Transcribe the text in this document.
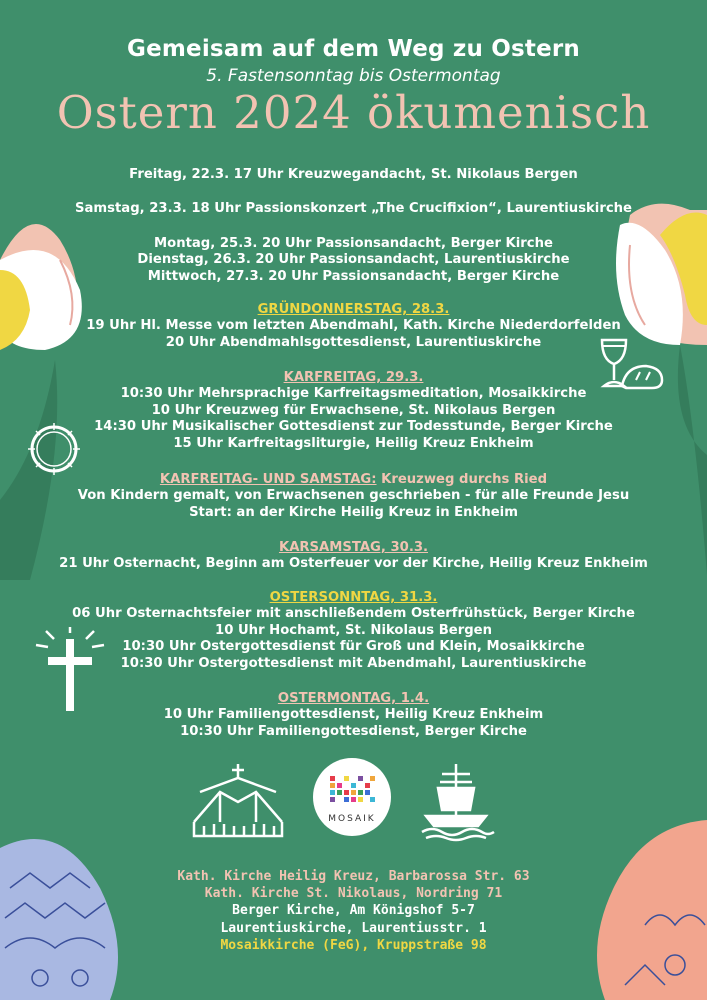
Gemeisam auf dem Weg zu Ostern
5. Fastensonntag bis Ostermontag
Ostern 2024 ökumenisch

Freitag, 22.3. 17 Uhr Kreuzwegandacht, St. Nikolaus Bergen

Samstag, 23.3. 18 Uhr Passionskonzert „The Crucifixion“, Laurentiuskirche

Montag, 25.3. 20 Uhr Passionsandacht, Berger Kirche

Dienstag, 26.3. 20 Uhr Passionsandacht, Laurentiuskirche

Mittwoch, 27.3. 20 Uhr Passionsandacht, Berger Kirche

GRÜNDONNERSTAG, 28.3.

19 Uhr Hl. Messe vom letzten Abendmahl, Kath. Kirche Niederdorfelden

20 Uhr Abendmahlsgottesdienst, Laurentiuskirche

KARFREITAG, 29.3.

10:30 Uhr Mehrsprachige Karfreitagsmeditation, Mosaikkirche

10 Uhr Kreuzweg für Erwachsene, St. Nikolaus Bergen

14:30 Uhr Musikalischer Gottesdienst zur Todesstunde, Berger Kirche

15 Uhr Karfreitagsliturgie, Heilig Kreuz Enkheim

KARFREITAG- UND SAMSTAG: Kreuzweg durchs Ried

Von Kindern gemalt, von Erwachsenen geschrieben - für alle Freunde Jesu

Start: an der Kirche Heilig Kreuz in Enkheim

KARSAMSTAG, 30.3.

21 Uhr Osternacht, Beginn am Osterfeuer vor der Kirche, Heilig Kreuz Enkheim

OSTERSONNTAG, 31.3.

06 Uhr Osternachtsfeier mit anschließendem Osterfrühstück, Berger Kirche

10 Uhr Hochamt, St. Nikolaus Bergen

10:30 Uhr Ostergottesdienst für Groß und Klein, Mosaikkirche

10:30 Uhr Ostergottesdienst mit Abendmahl, Laurentiuskirche

OSTERMONTAG, 1.4.

10 Uhr Familiengottesdienst, Heilig Kreuz Enkheim

10:30 Uhr Familiengottesdienst, Berger Kirche

MOSAIK

Kath. Kirche Heilig Kreuz, Barbarossa Str. 63

Kath. Kirche St. Nikolaus, Nordring 71

Berger Kirche, Am Königshof 5-7

Laurentiuskirche, Laurentiusstr. 1

Mosaikkirche (FeG), Kruppstraße 98
